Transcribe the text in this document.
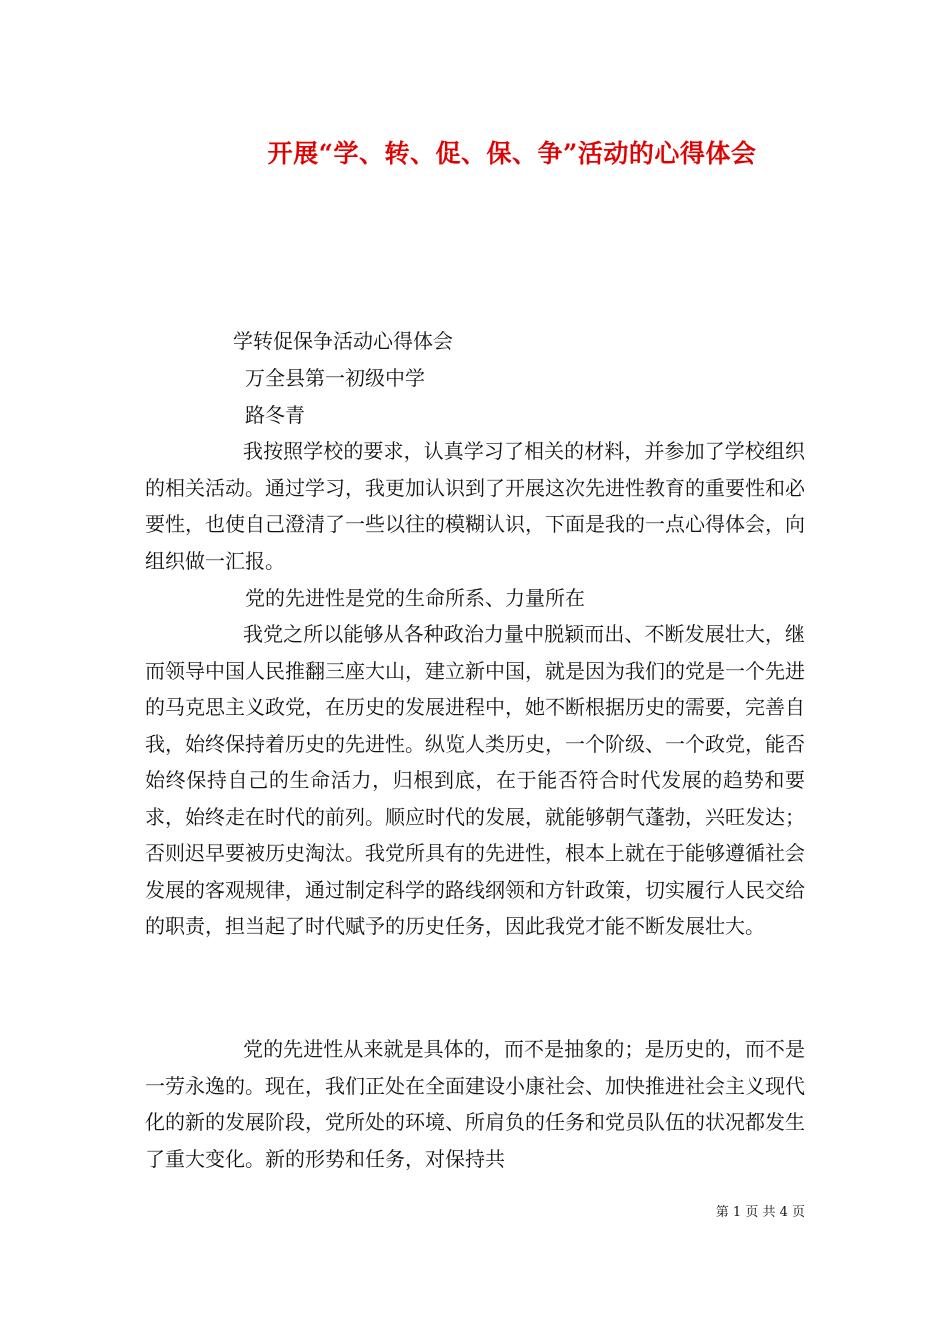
开展“学、转、促、保、争”活动的心得体会

学转促保争活动心得体会

万全县第一初级中学

路冬青

我按照学校的要求，认真学习了相关的材料，并参加了学校组织的相关活动。通过学习，我更加认识到了开展这次先进性教育的重要性和必要性，也使自己澄清了一些以往的模糊认识，下面是我的一点心得体会，向组织做一汇报。

党的先进性是党的生命所系、力量所在

我党之所以能够从各种政治力量中脱颖而出、不断发展壮大，继而领导中国人民推翻三座大山，建立新中国，就是因为我们的党是一个先进的马克思主义政党，在历史的发展进程中，她不断根据历史的需要，完善自我，始终保持着历史的先进性。纵览人类历史，一个阶级、一个政党，能否始终保持自己的生命活力，归根到底，在于能否符合时代发展的趋势和要求，始终走在时代的前列。顺应时代的发展，就能够朝气蓬勃，兴旺发达；否则迟早要被历史淘汰。我党所具有的先进性，根本上就在于能够遵循社会发展的客观规律，通过制定科学的路线纲领和方针政策，切实履行人民交给的职责，担当起了时代赋予的历史任务，因此我党才能不断发展壮大。

党的先进性从来就是具体的，而不是抽象的；是历史的，而不是一劳永逸的。现在，我们正处在全面建设小康社会、加快推进社会主义现代化的新的发展阶段，党所处的环境、所肩负的任务和党员队伍的状况都发生了重大变化。新的形势和任务，对保持共

第 1 页 共 4 页
